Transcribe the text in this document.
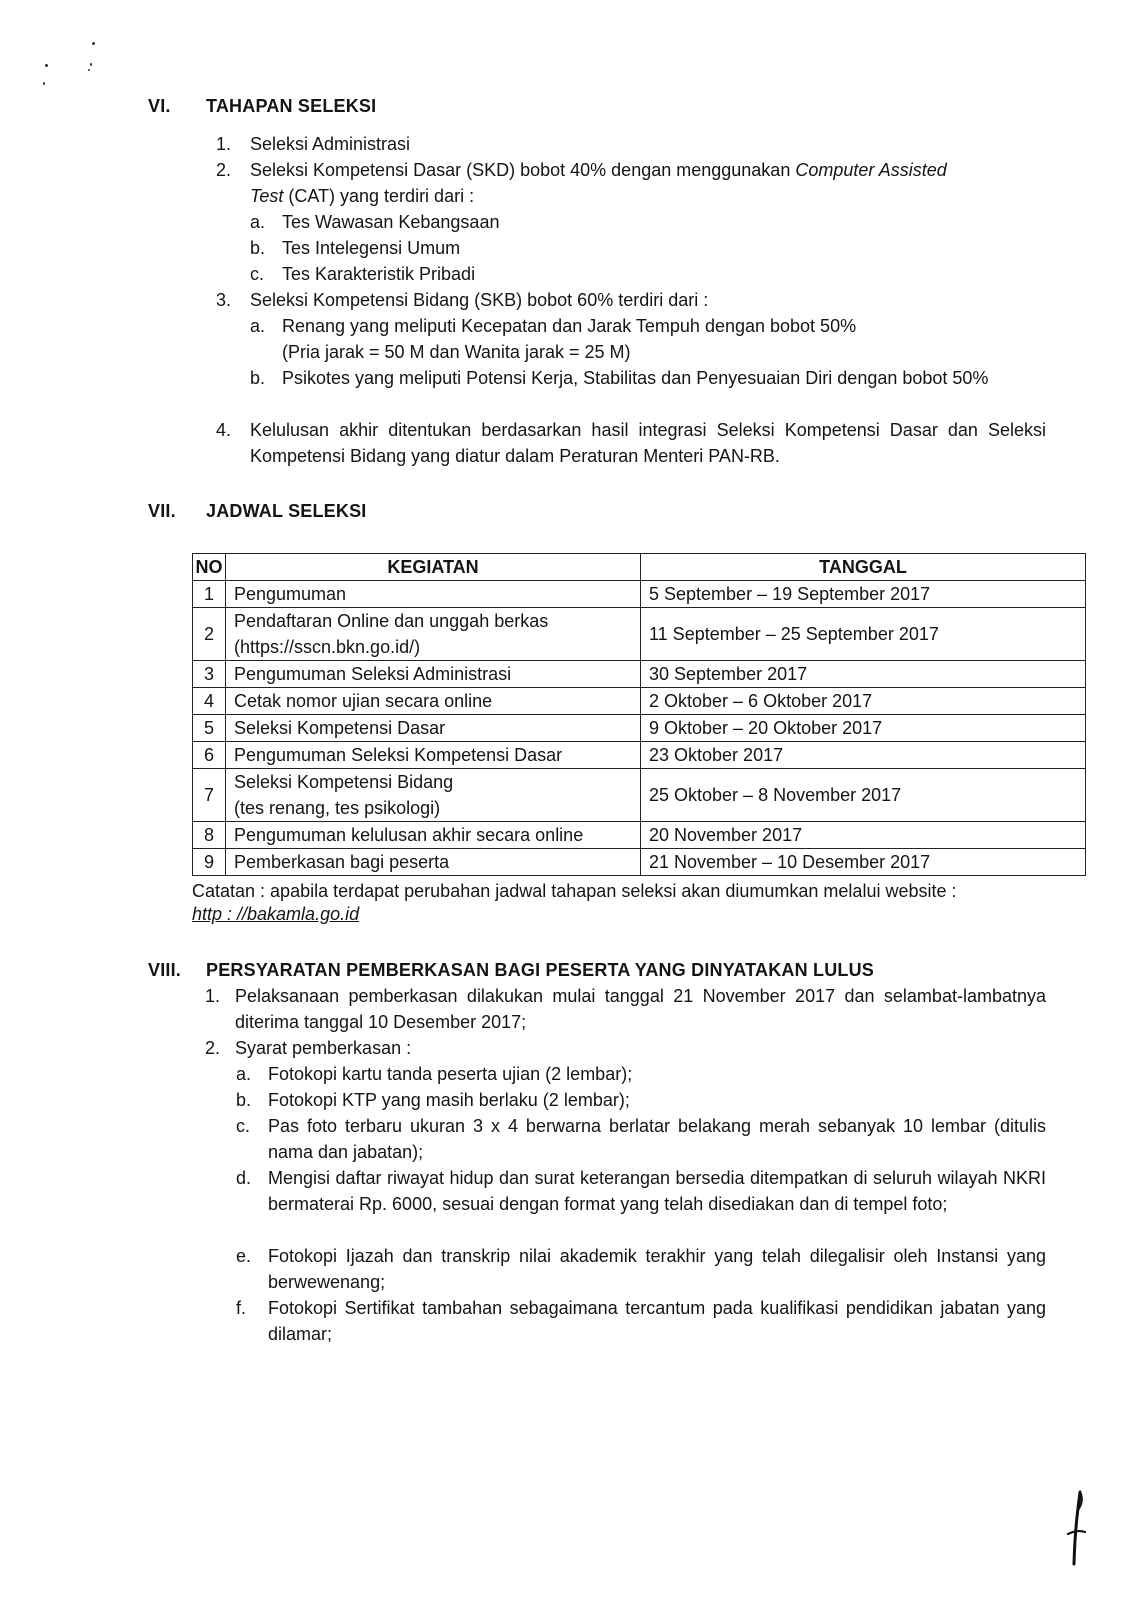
VI. TAHAPAN SELEKSI
1. Seleksi Administrasi
2. Seleksi Kompetensi Dasar (SKD) bobot 40% dengan menggunakan Computer Assisted
Test (CAT) yang terdiri dari :
a. Tes Wawasan Kebangsaan
b. Tes Intelegensi Umum
c. Tes Karakteristik Pribadi
3. Seleksi Kompetensi Bidang (SKB) bobot 60% terdiri dari :
a. Renang yang meliputi Kecepatan dan Jarak Tempuh dengan bobot 50%
(Pria jarak = 50 M dan Wanita jarak = 25 M)
b. Psikotes yang meliputi Potensi Kerja, Stabilitas dan Penyesuaian Diri dengan bobot 50%
4. Kelulusan akhir ditentukan berdasarkan hasil integrasi Seleksi Kompetensi Dasar dan Seleksi Kompetensi Bidang yang diatur dalam Peraturan Menteri PAN-RB.
VII. JADWAL SELEKSI
NO	KEGIATAN	TANGGAL
1	Pengumuman	5 September – 19 September 2017
2	Pendaftaran Online dan unggah berkas
(https://sscn.bkn.go.id/)	11 September – 25 September 2017
3	Pengumuman Seleksi Administrasi	30 September 2017
4	Cetak nomor ujian secara online	2 Oktober – 6 Oktober 2017
5	Seleksi Kompetensi Dasar	9 Oktober – 20 Oktober 2017
6	Pengumuman Seleksi Kompetensi Dasar	23 Oktober 2017
7	Seleksi Kompetensi Bidang
(tes renang, tes psikologi)	25 Oktober – 8 November 2017
8	Pengumuman kelulusan akhir secara online	20 November 2017
9	Pemberkasan bagi peserta	21 November – 10 Desember 2017
Catatan : apabila terdapat perubahan jadwal tahapan seleksi akan diumumkan melalui website :
http : //bakamla.go.id
VIII. PERSYARATAN PEMBERKASAN BAGI PESERTA YANG DINYATAKAN LULUS
1. Pelaksanaan pemberkasan dilakukan mulai tanggal 21 November 2017 dan selambat-lambatnya diterima tanggal 10 Desember 2017;
2. Syarat pemberkasan :
a. Fotokopi kartu tanda peserta ujian (2 lembar);
b. Fotokopi KTP yang masih berlaku (2 lembar);
c. Pas foto terbaru ukuran 3 x 4 berwarna berlatar belakang merah sebanyak 10 lembar (ditulis nama dan jabatan);
d. Mengisi daftar riwayat hidup dan surat keterangan bersedia ditempatkan di seluruh wilayah NKRI bermaterai Rp. 6000, sesuai dengan format yang telah disediakan dan di tempel foto;
e. Fotokopi Ijazah dan transkrip nilai akademik terakhir yang telah dilegalisir oleh Instansi yang berwewenang;
f. Fotokopi Sertifikat tambahan sebagaimana tercantum pada kualifikasi pendidikan jabatan yang dilamar;
